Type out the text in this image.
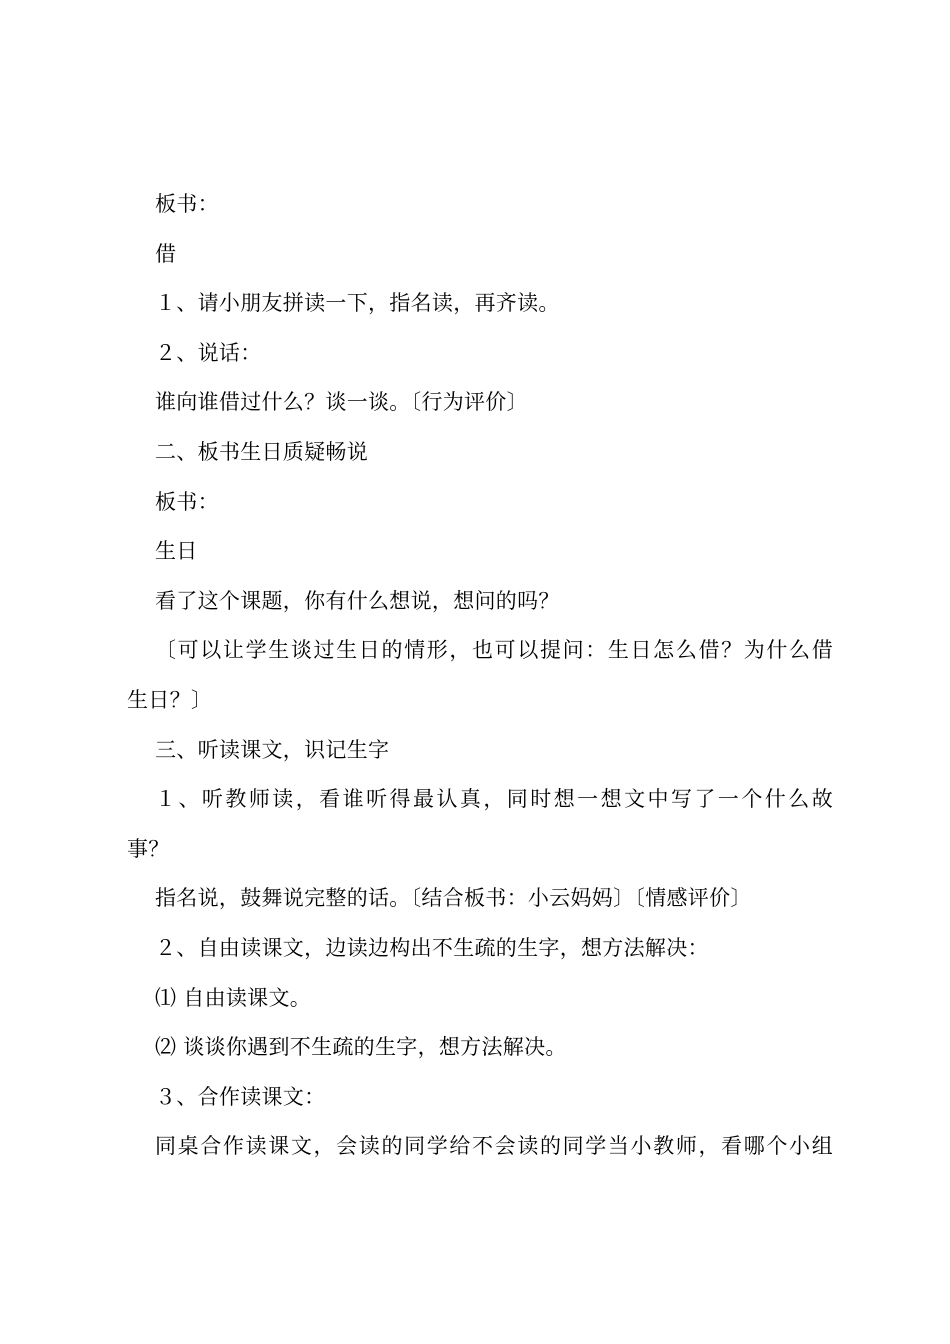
板书：
借
１、请小朋友拼读一下，指名读，再齐读。
２、说话：
谁向谁借过什么？谈一谈。〔行为评价〕
二、板书生日质疑畅说
板书：
生日
看了这个课题，你有什么想说，想问的吗？
〔可以让学生谈过生日的情形，也可以提问：生日怎么借？为什么借
生日？〕
三、听读课文，识记生字
１、听教师读，看谁听得最认真，同时想一想文中写了一个什么故
事？
指名说，鼓舞说完整的话。〔结合板书：小云妈妈〕〔情感评价〕
２、自由读课文，边读边构出不生疏的生字，想方法解决：
⑴ 自由读课文。
⑵ 谈谈你遇到不生疏的生字，想方法解决。
３、合作读课文：
同桌合作读课文，会读的同学给不会读的同学当小教师，看哪个小组
